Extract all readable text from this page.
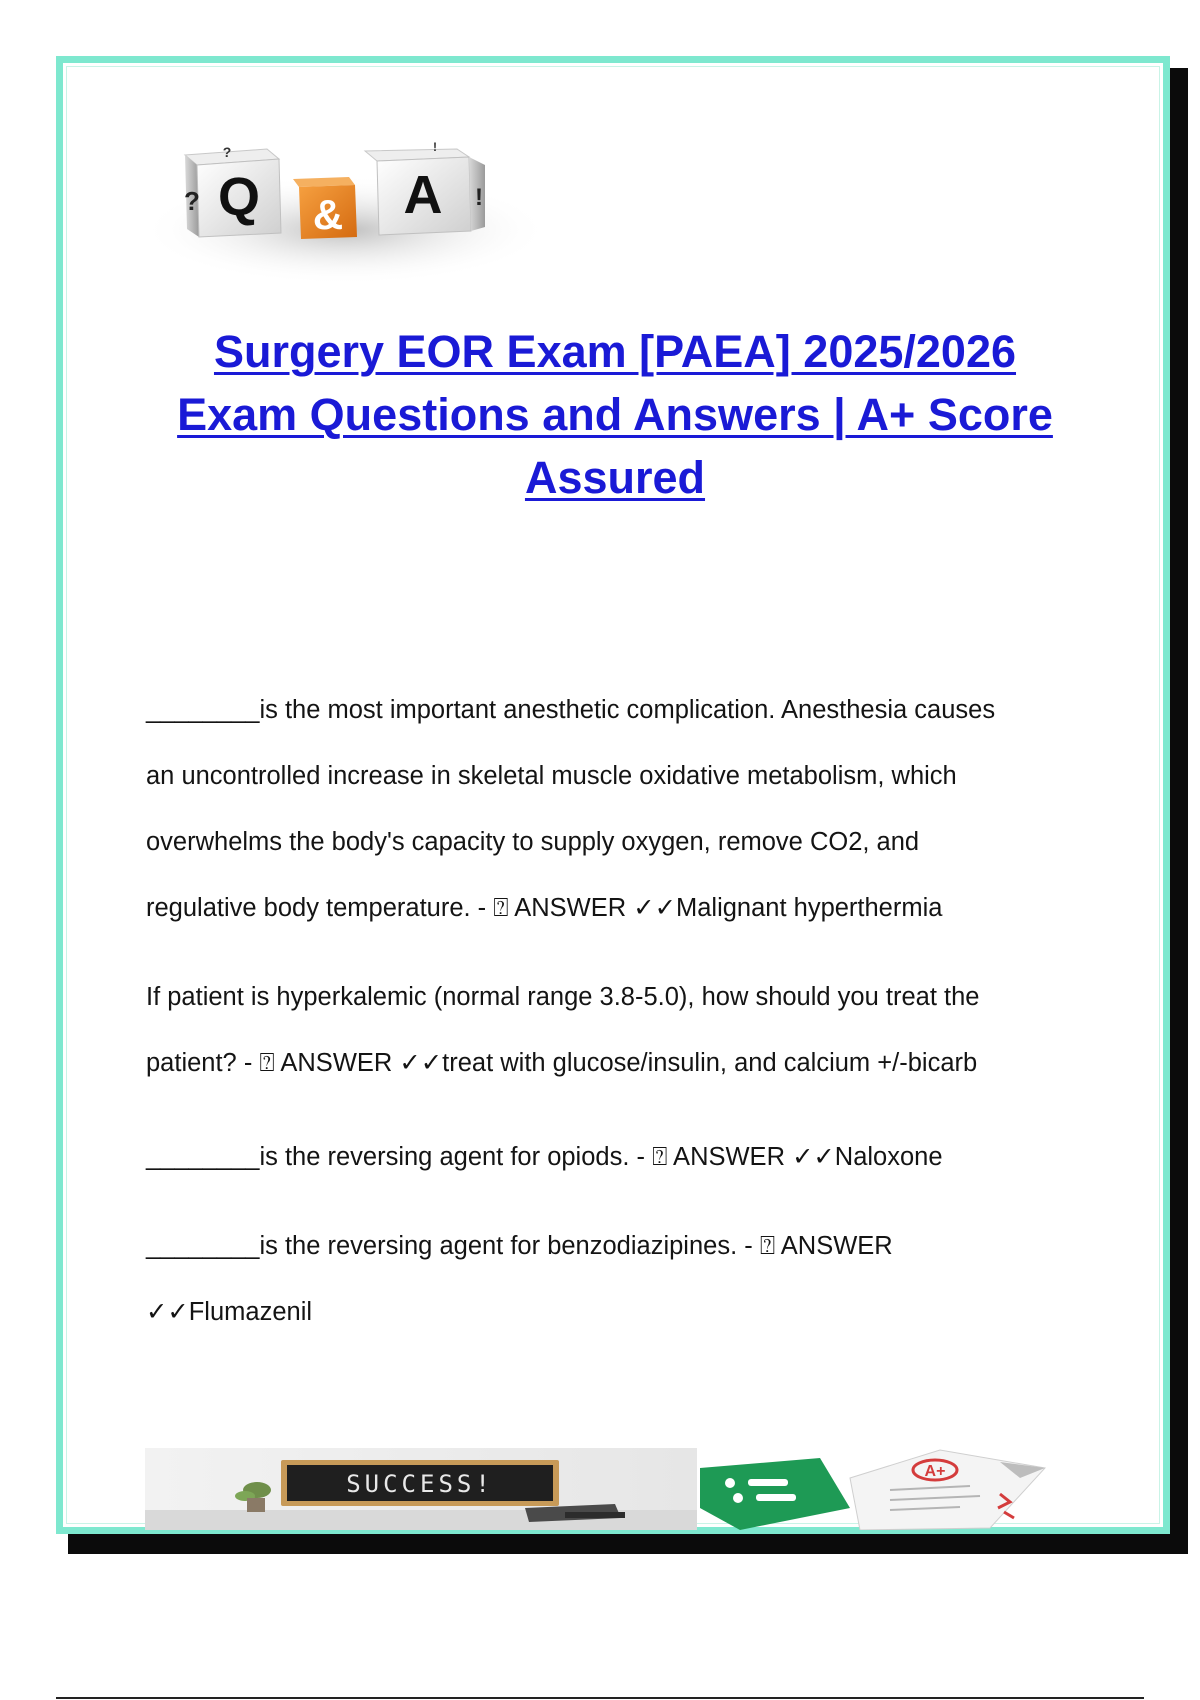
Q
?
?
& A !
!
Surgery EOR Exam [PAEA] 2025/2026
Exam Questions and Answers | A+ Score
Assured
________is the most important anesthetic complication. Anesthesia causes
an uncontrolled increase in skeletal muscle oxidative metabolism, which
overwhelms the body's capacity to supply oxygen, remove CO2, and
regulative body temperature. - ⍰ ANSWER ✓✓Malignant hyperthermia
If patient is hyperkalemic (normal range 3.8-5.0), how should you treat the
patient? - ⍰ ANSWER ✓✓treat with glucose/insulin, and calcium +/-bicarb
________is the reversing agent for opiods. - ⍰ ANSWER ✓✓Naloxone
________is the reversing agent for benzodiazipines. - ⍰ ANSWER
✓✓Flumazenil
SUCCESS!	A+
